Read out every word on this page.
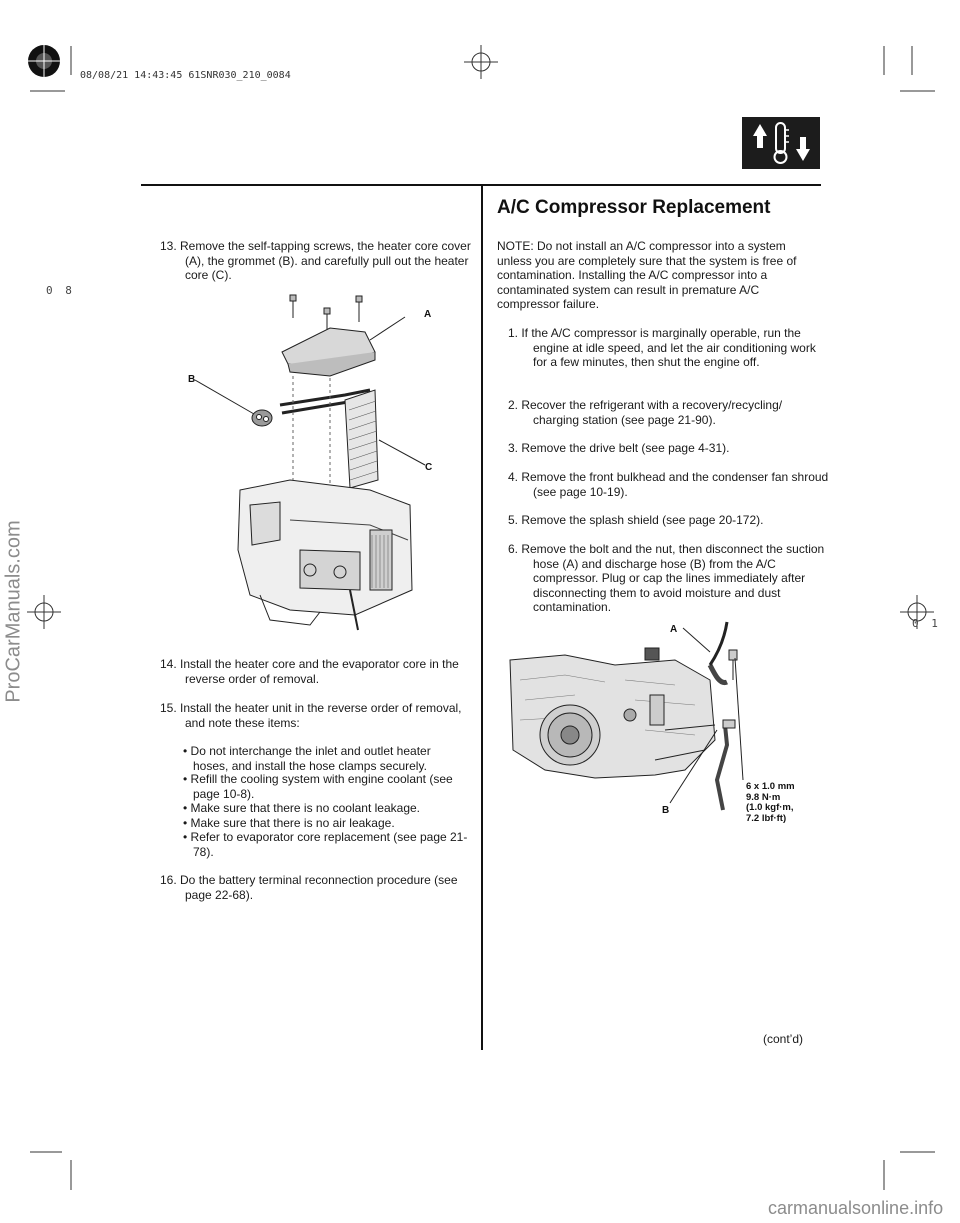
08/08/21 14:43:45 61SNR030_210_0084
ProCarManuals.com
carmanualsonline.info
0 8
0 1
A/C Compressor Replacement
13. Remove the self-tapping screws, the heater core cover (A), the grommet (B). and carefully pull out the heater core (C).
A
B
C
14. Install the heater core and the evaporator core in the reverse order of removal.
15. Install the heater unit in the reverse order of removal, and note these items:
• Do not interchange the inlet and outlet heater hoses, and install the hose clamps securely.
• Refill the cooling system with engine coolant (see page 10-8).
• Make sure that there is no coolant leakage.
• Make sure that there is no air leakage.
• Refer to evaporator core replacement (see page 21-78).
16. Do the battery terminal reconnection procedure (see page 22-68).
NOTE: Do not install an A/C compressor into a system unless you are completely sure that the system is free of contamination. Installing the A/C compressor into a contaminated system can result in premature A/C compressor failure.
1. If the A/C compressor is marginally operable, run the engine at idle speed, and let the air conditioning work for a few minutes, then shut the engine off.
2. Recover the refrigerant with a recovery/recycling/ charging station (see page 21-90).
3. Remove the drive belt (see page 4-31).
4. Remove the front bulkhead and the condenser fan shroud (see page 10-19).
5. Remove the splash shield (see page 20-172).
6. Remove the bolt and the nut, then disconnect the suction hose (A) and discharge hose (B) from the A/C compressor. Plug or cap the lines immediately after disconnecting them to avoid moisture and dust contamination.
A
B
6 x 1.0 mm
9.8 N·m
(1.0 kgf·m,
7.2 lbf·ft)
(cont’d)
